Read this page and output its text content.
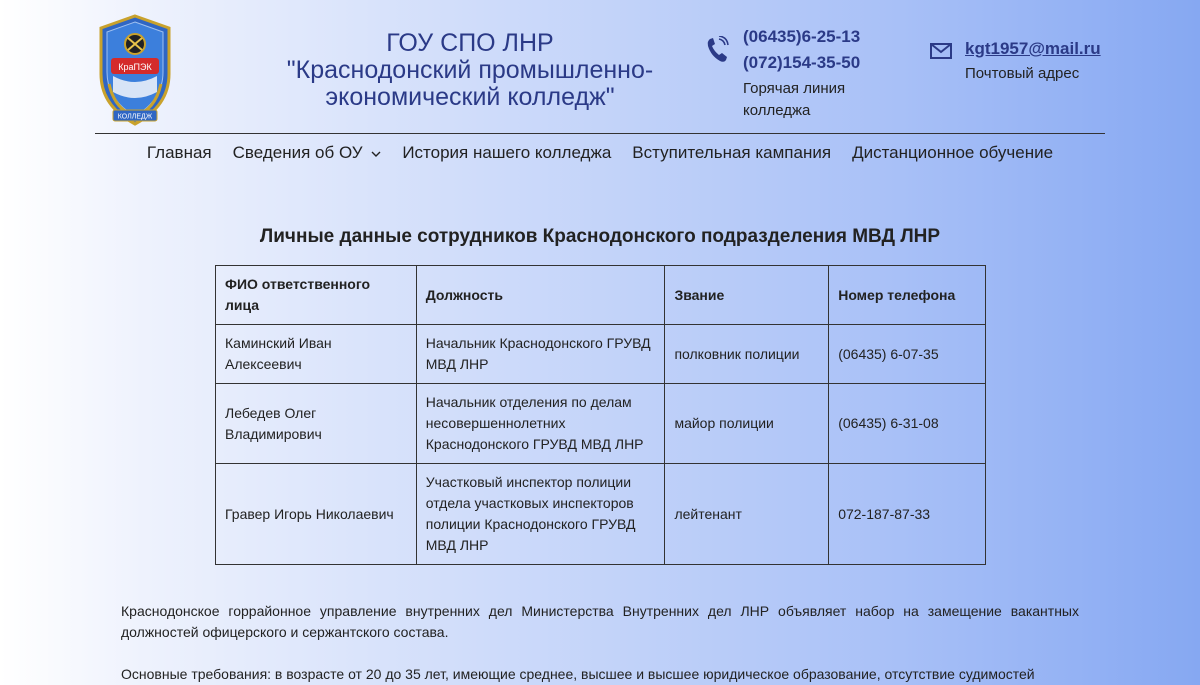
КраПЭК
КОЛЛЕДЖ
ГОУ СПО ЛНР
"Краснодонский промышленно-
экономический колледж"
(06435)6-25-13
(072)154-35-50
Горячая линия
колледжа
kgt1957@mail.ru
Почтовый адрес
Главная Сведения об ОУ	История нашего колледжа Вступительная кампания Дистанционное обучение
Личные данные сотрудников Краснодонского подразделения МВД ЛНР
ФИО ответственного лица	Должность	Звание	Номер телефона
Каминский Иван Алексеевич	Начальник Краснодонского ГРУВД МВД ЛНР	полковник полиции	(06435) 6-07-35
Лебедев Олег Владимирович	Начальник отделения по делам несовершеннолетних Краснодонского ГРУВД МВД ЛНР	майор полиции	(06435) 6-31-08
Гравер Игорь Николаевич	Участковый инспектор полиции отдела участковых инспекторов полиции Краснодонского ГРУВД МВД ЛНР	лейтенант	072-187-87-33

Краснодонское горрайонное управление внутренних дел Министерства Внутренних дел ЛНР объявляет набор на замещение вакантных должностей офицерского и сержантского состава.

Основные требования: в возрасте от 20 до 35 лет, имеющие среднее, высшее и высшее юридическое образование, отсутствие судимостей
